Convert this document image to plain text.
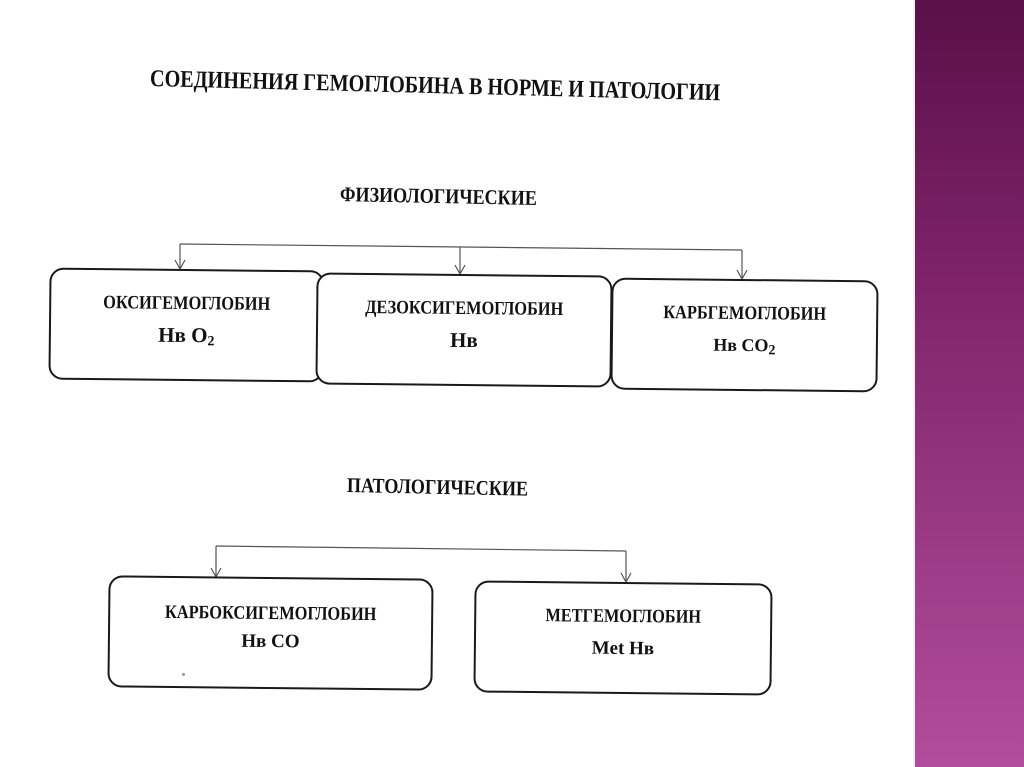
СОЕДИНЕНИЯ ГЕМОГЛОБИНА В НОРМЕ И ПАТОЛОГИИ
ФИЗИОЛОГИЧЕСКИЕ
ОКСИГЕМОГЛОБИН
Нв $O_2$
ДЕЗОКСИГЕМОГЛОБИН
Нв
КАРБГЕМОГЛОБИН
Нв $CO_2$
ПАТОЛОГИЧЕСКИЕ
КАРБОКСИГЕМОГЛОБИН
Нв CO
МЕТГЕМОГЛОБИН
Met Нв
